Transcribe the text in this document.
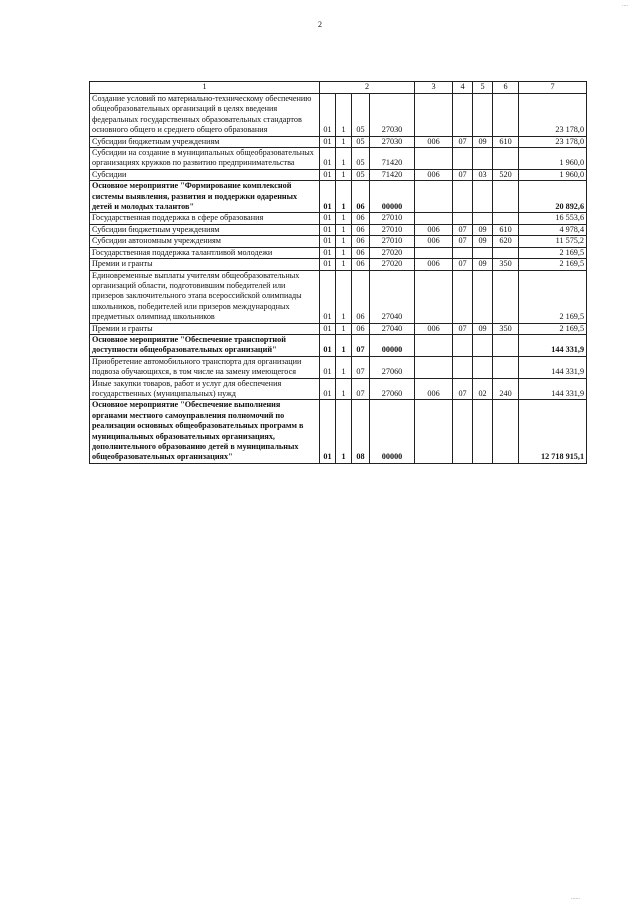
....
2
1	2				3	4	5	6	7
Создание условий по материально-техническому обеспечению общеобразовательных организаций в целях введения федеральных государственных образовательных стандартов основного общего и среднего общего образования	01	1	05	27030					23 178,0
Субсидии бюджетным учреждениям	01	1	05	27030	006	07	09	610	23 178,0
Субсидии на создание в муниципальных общеобразовательных организациях кружков по развитию предпринимательства	01	1	05	71420					1 960,0
Субсидии	01	1	05	71420	006	07	03	520	1 960,0
Основное мероприятие "Формирование комплексной системы выявления, развития и поддержки одаренных детей и молодых талантов"	01	1	06	00000					20 892,6
Государственная поддержка в сфере образования	01	1	06	27010					16 553,6
Субсидии бюджетным учреждениям	01	1	06	27010	006	07	09	610	4 978,4
Субсидии автономным учреждениям	01	1	06	27010	006	07	09	620	11 575,2
Государственная поддержка талантливой молодежи	01	1	06	27020					2 169,5
Премии и гранты	01	1	06	27020	006	07	09	350	2 169,5
Единовременные выплаты учителям общеобразовательных организаций области, подготовившим победителей или призеров заключительного этапа всероссийской олимпиады школьников, победителей или призеров международных предметных олимпиад школьников	01	1	06	27040					2 169,5
Премии и гранты	01	1	06	27040	006	07	09	350	2 169,5
Основное мероприятие "Обеспечение транспортной доступности общеобразовательных организаций"	01	1	07	00000					144 331,9
Приобретение автомобильного транспорта для организации подвоза обучающихся, в том числе на замену имеющегося	01	1	07	27060					144 331,9
Иные закупки товаров, работ и услуг для обеспечения государственных (муниципальных) нужд	01	1	07	27060	006	07	02	240	144 331,9
Основное мероприятие "Обеспечение выполнения органами местного самоуправления полномочий по реализации основных общеобразовательных программ в муниципальных образовательных организациях, дополнительного образованию детей в муниципальных общеобразовательных организациях"	01	1	08	00000					12 718 915,1
......
